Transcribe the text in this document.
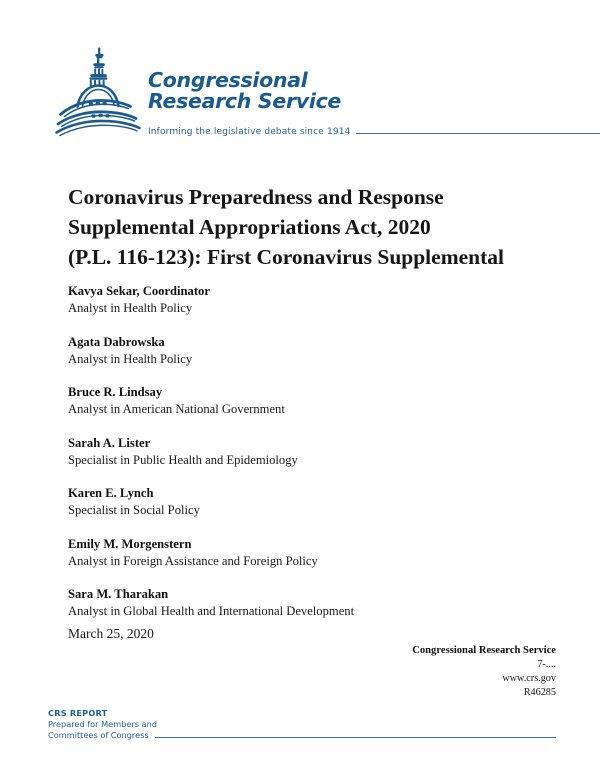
Congressional
Research Service
Informing the legislative debate since 1914
Coronavirus Preparedness and Response
Supplemental Appropriations Act, 2020
(P.L. 116-123): First Coronavirus Supplemental
Kavya Sekar, Coordinator
Analyst in Health Policy
Agata Dabrowska
Analyst in Health Policy
Bruce R. Lindsay
Analyst in American National Government
Sarah A. Lister
Specialist in Public Health and Epidemiology
Karen E. Lynch
Specialist in Social Policy
Emily M. Morgenstern
Analyst in Foreign Assistance and Foreign Policy
Sara M. Tharakan
Analyst in Global Health and International Development
March 25, 2020
Congressional Research Service
7-....
www.crs.gov
R46285
CRS REPORT
Prepared for Members and
Committees of Congress
